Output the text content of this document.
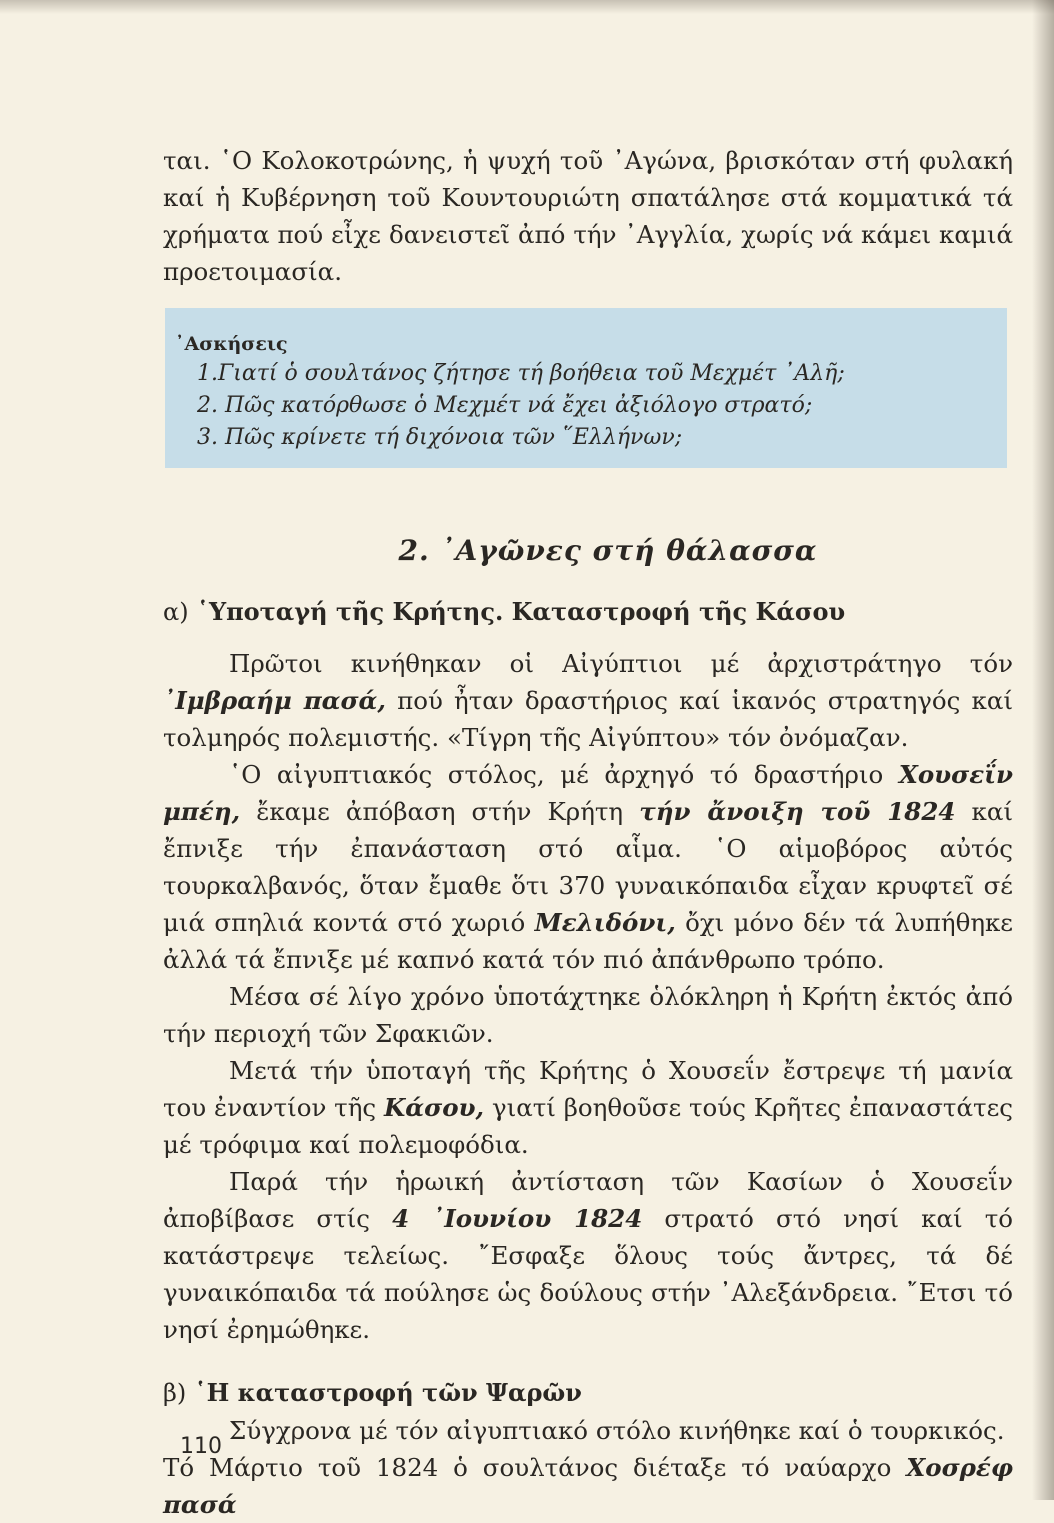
ται. ῾Ο Κολοκοτρώνης, ἡ ψυχή τοῦ ᾿Αγώνα, βρισκόταν στή φυλακή καί ἡ Κυβέρνηση τοῦ Κουντουριώτη σπατάλησε στά κομματικά τά χρήματα πού εἶχε δανειστεῖ ἀπό τήν ᾿Αγγλία, χωρίς νά κάμει καμιά προετοιμασία.

᾿Ασκήσεις
1.Γιατί ὁ σουλτάνος ζήτησε τή βοήθεια τοῦ Μεχμέτ ᾿Αλῆ;
2. Πῶς κατόρθωσε ὁ Μεχμέτ νά ἔχει ἀξιόλογο στρατό;
3. Πῶς κρίνετε τή διχόνοια τῶν ῞Ελλήνων;
2. ᾿Αγῶνες στή θάλασσα
α) ῾Υποταγή τῆς Κρήτης. Καταστροφή τῆς Κάσου

Πρῶτοι κινήθηκαν οἱ Αἰγύπτιοι μέ ἀρχιστράτηγο τόν ᾿Ιμβραήμ πασά, πού ἦταν δραστήριος καί ἱκανός στρατηγός καί τολμηρός πολεμιστής. «Τίγρη τῆς Αἰγύπτου» τόν ὀνόμαζαν.

῾Ο αἰγυπτιακός στόλος, μέ ἀρχηγό τό δραστήριο Χουσεΐν μπέη, ἔκαμε ἀπόβαση στήν Κρήτη τήν ἄνοιξη τοῦ 1824 καί ἔπνιξε τήν ἐπανάσταση στό αἷμα. ῾Ο αἱμοβόρος αὐτός τουρκαλβανός, ὅταν ἔμαθε ὅτι 370 γυναικόπαιδα εἶχαν κρυφτεῖ σέ μιά σπηλιά κοντά στό χωριό Μελιδόνι, ὄχι μόνο δέν τά λυπήθηκε ἀλλά τά ἔπνιξε μέ καπνό κατά τόν πιό ἀπάνθρωπο τρόπο.

Μέσα σέ λίγο χρόνο ὑποτάχτηκε ὁλόκληρη ἡ Κρήτη ἐκτός ἀπό τήν περιοχή τῶν Σφακιῶν.

Μετά τήν ὑποταγή τῆς Κρήτης ὁ Χουσεΐν ἔστρεψε τή μανία του ἐναντίον τῆς Κάσου, γιατί βοηθοῦσε τούς Κρῆτες ἐπαναστάτες μέ τρόφιμα καί πολεμοφόδια.

Παρά τήν ἡρωική ἀντίσταση τῶν Κασίων ὁ Χουσεΐν ἀποβίβασε στίς 4 ᾿Ιουνίου 1824 στρατό στό νησί καί τό κατάστρεψε τελείως. ῎Εσφαξε ὅλους τούς ἄντρες, τά δέ γυναικόπαιδα τά πούλησε ὡς δούλους στήν ᾿Αλεξάνδρεια. ῎Ετσι τό νησί ἐρημώθηκε.

β) ῾Η καταστροφή τῶν Ψαρῶν

Σύγχρονα μέ τόν αἰγυπτιακό στόλο κινήθηκε καί ὁ τουρκικός.

Τό Μάρτιο τοῦ 1824 ὁ σουλτάνος διέταξε τό ναύαρχο Χοσρέφ πασά

110
